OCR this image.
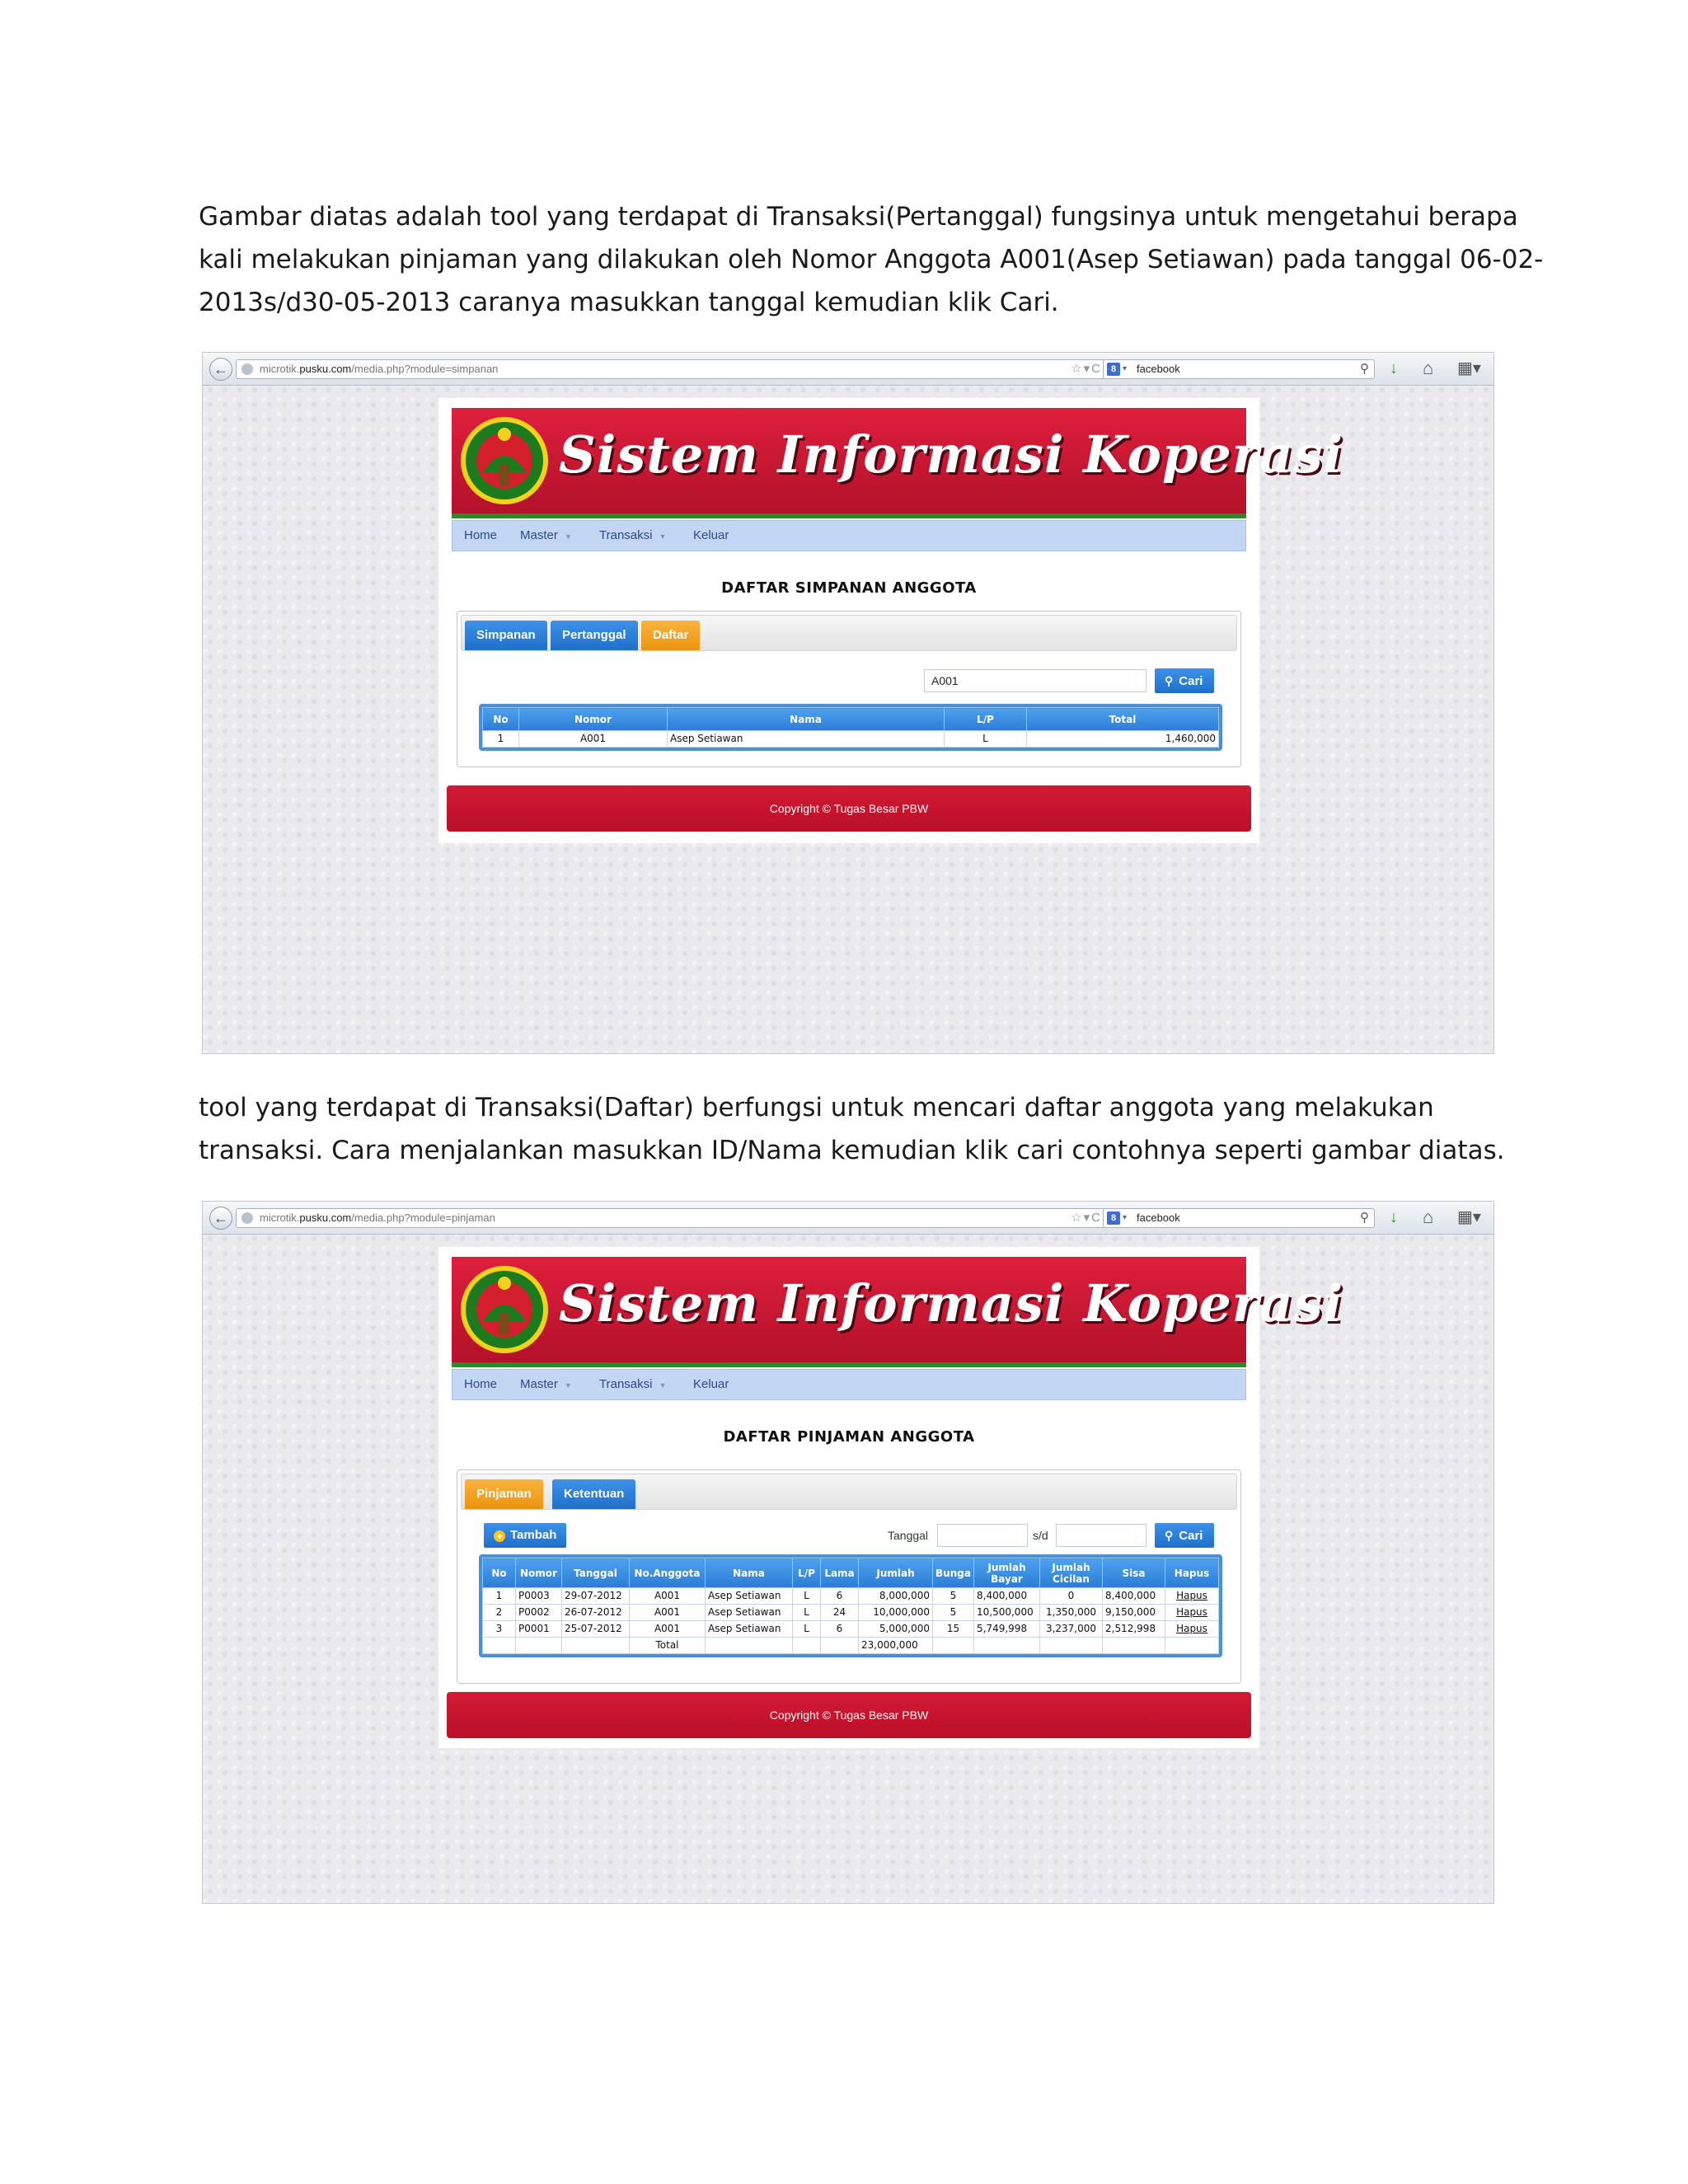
Gambar diatas adalah tool yang terdapat di Transaksi(Pertanggal) fungsinya untuk mengetahui berapa
kali melakukan pinjaman yang dilakukan oleh Nomor Anggota A001(Asep Setiawan) pada tanggal 06-02-
2013s/d30-05-2013 caranya masukkan tanggal kemudian klik Cari.
←	microtik.pusku.com/media.php?module=simpanan	☆▾C 8 ▾ facebook	⚲ ↓ ⌂ ▦▾
Sistem Informasi Koperasi
Home Master ▼ Transaksi ▼ Keluar
DAFTAR SIMPANAN ANGGOTA
Simpanan	Pertanggal	Daftar
A001	⚲ Cari
No	Nomor	Nama	L/P	Total
1	A001	Asep Setiawan	L	1,460,000
Copyright © Tugas Besar PBW
tool yang terdapat di Transaksi(Daftar) berfungsi untuk mencari daftar anggota yang melakukan
transaksi. Cara menjalankan masukkan ID/Nama kemudian klik cari contohnya seperti gambar diatas.
←	microtik.pusku.com/media.php?module=pinjaman	☆▾C 8 ▾ facebook	⚲ ↓ ⌂ ▦▾
Sistem Informasi Koperasi
Home Master ▼ Transaksi ▼ Keluar
DAFTAR PINJAMAN ANGGOTA
Pinjaman	Ketentuan
+ Tambah	Tanggal	s/d	⚲ Cari
No	Nomor	Tanggal	No.Anggota	Nama	L/P	Lama	Jumlah	Bunga	Jumlah Bayar	Jumlah Cicilan	Sisa	Hapus
1	P0003	29-07-2012	A001	Asep Setiawan	L	6	8,000,000	5	8,400,000	0	8,400,000	Hapus
2	P0002	26-07-2012	A001	Asep Setiawan	L	24	10,000,000	5	10,500,000	1,350,000	9,150,000	Hapus
3	P0001	25-07-2012	A001	Asep Setiawan	L	6	5,000,000	15	5,749,998	3,237,000	2,512,998	Hapus
			Total				23,000,000					
Copyright © Tugas Besar PBW
